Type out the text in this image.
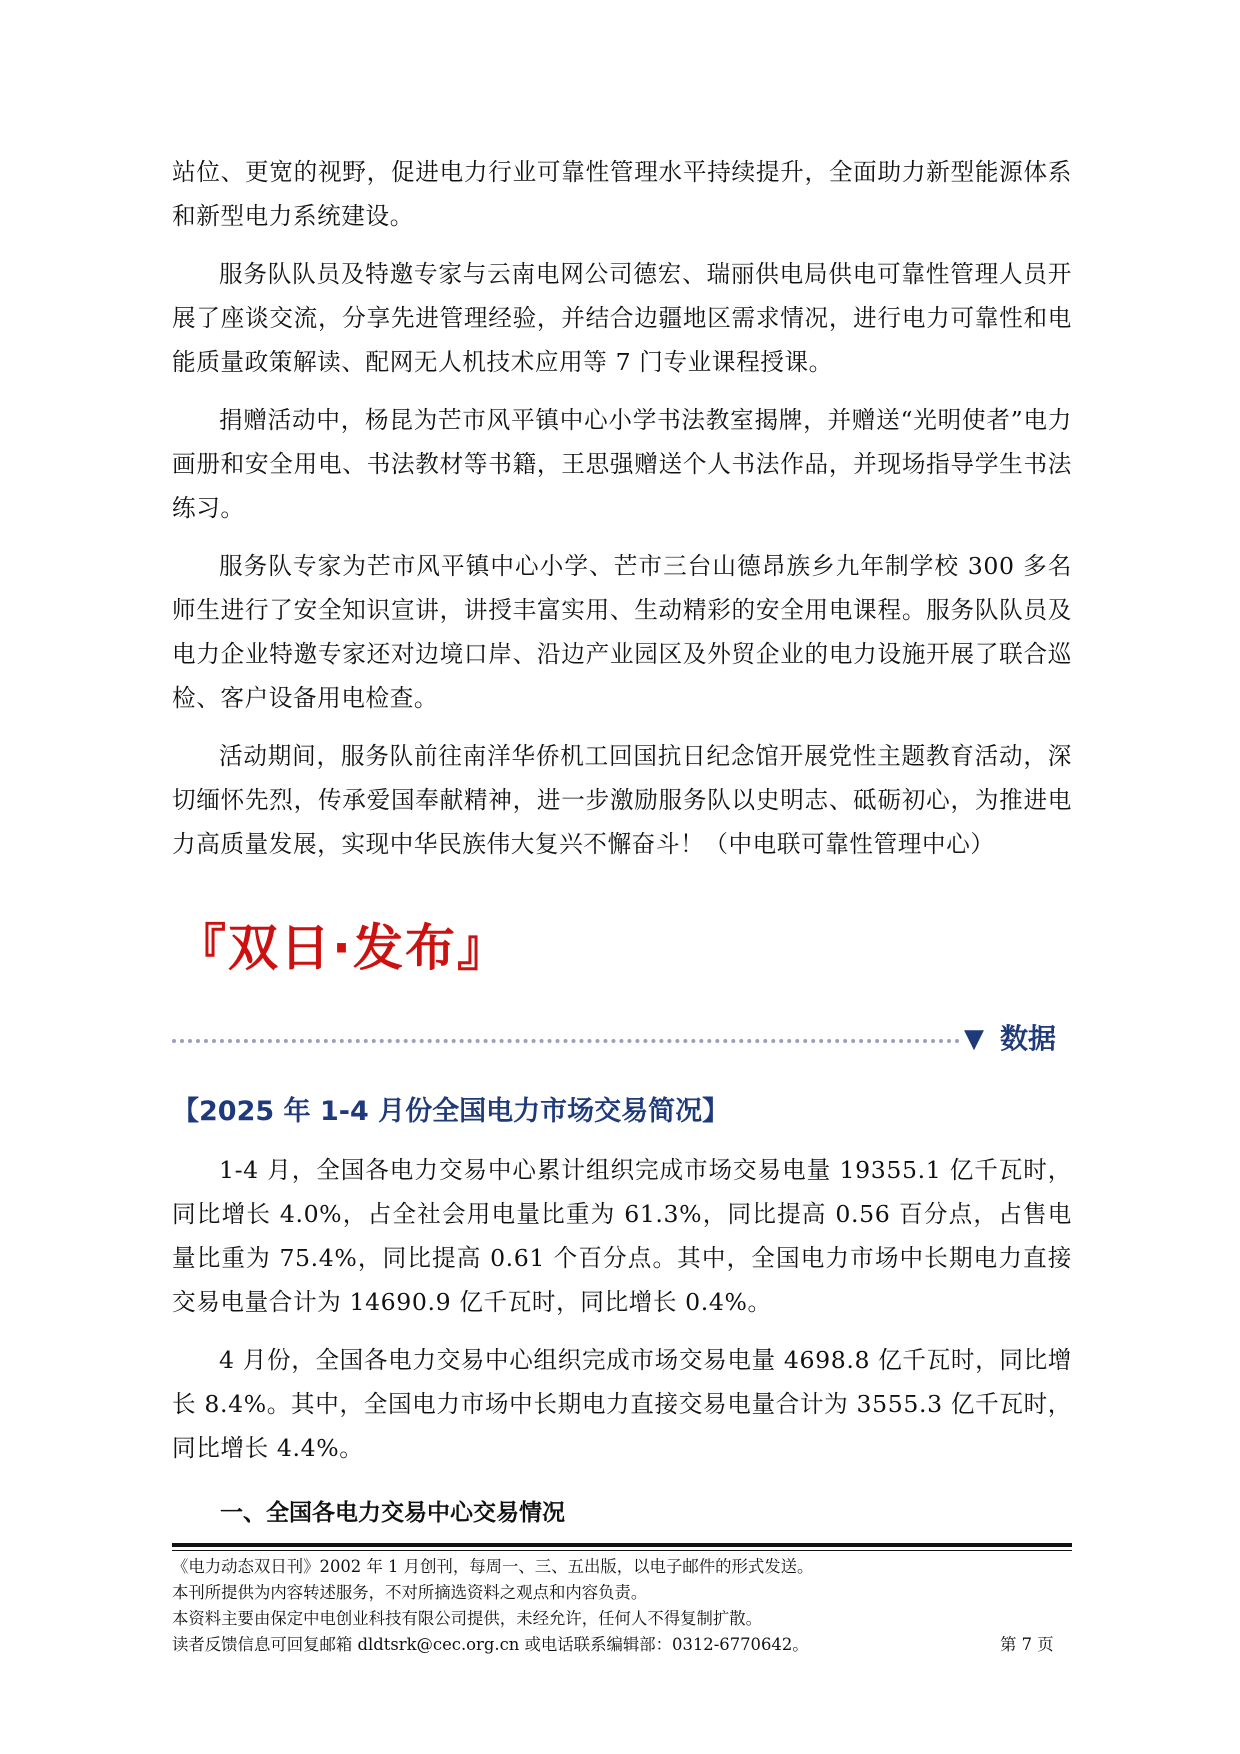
站位、更宽的视野，促进电力行业可靠性管理水平持续提升，全面助力新型能源体系和新型电力系统建设。

服务队队员及特邀专家与云南电网公司德宏、瑞丽供电局供电可靠性管理人员开展了座谈交流，分享先进管理经验，并结合边疆地区需求情况，进行电力可靠性和电能质量政策解读、配网无人机技术应用等 7 门专业课程授课。

捐赠活动中，杨昆为芒市风平镇中心小学书法教室揭牌，并赠送“光明使者”电力画册和安全用电、书法教材等书籍，王思强赠送个人书法作品，并现场指导学生书法练习。

服务队专家为芒市风平镇中心小学、芒市三台山德昂族乡九年制学校 300 多名师生进行了安全知识宣讲，讲授丰富实用、生动精彩的安全用电课程。服务队队员及电力企业特邀专家还对边境口岸、沿边产业园区及外贸企业的电力设施开展了联合巡检、客户设备用电检查。

活动期间，服务队前往南洋华侨机工回国抗日纪念馆开展党性主题教育活动，深切缅怀先烈，传承爱国奉献精神，进一步激励服务队以史明志、砥砺初心，为推进电力高质量发展，实现中华民族伟大复兴不懈奋斗！（中电联可靠性管理中心）

『双日·发布』
▼ 数据
【2025 年 1-4 月份全国电力市场交易简况】

1-4 月，全国各电力交易中心累计组织完成市场交易电量 19355.1 亿千瓦时，同比增长 4.0%，占全社会用电量比重为 61.3%，同比提高 0.56 百分点，占售电量比重为 75.4%，同比提高 0.61 个百分点。其中，全国电力市场中长期电力直接交易电量合计为 14690.9 亿千瓦时，同比增长 0.4%。

4 月份，全国各电力交易中心组织完成市场交易电量 4698.8 亿千瓦时，同比增长 8.4%。其中，全国电力市场中长期电力直接交易电量合计为 3555.3 亿千瓦时，同比增长 4.4%。

一、全国各电力交易中心交易情况
《电力动态双日刊》2002 年 1 月创刊，每周一、三、五出版，以电子邮件的形式发送。
本刊所提供为内容转述服务，不对所摘选资料之观点和内容负责。
本资料主要由保定中电创业科技有限公司提供，未经允许，任何人不得复制扩散。
读者反馈信息可回复邮箱 dldtsrk@cec.org.cn 或电话联系编辑部：0312-6770642。	第 7 页
